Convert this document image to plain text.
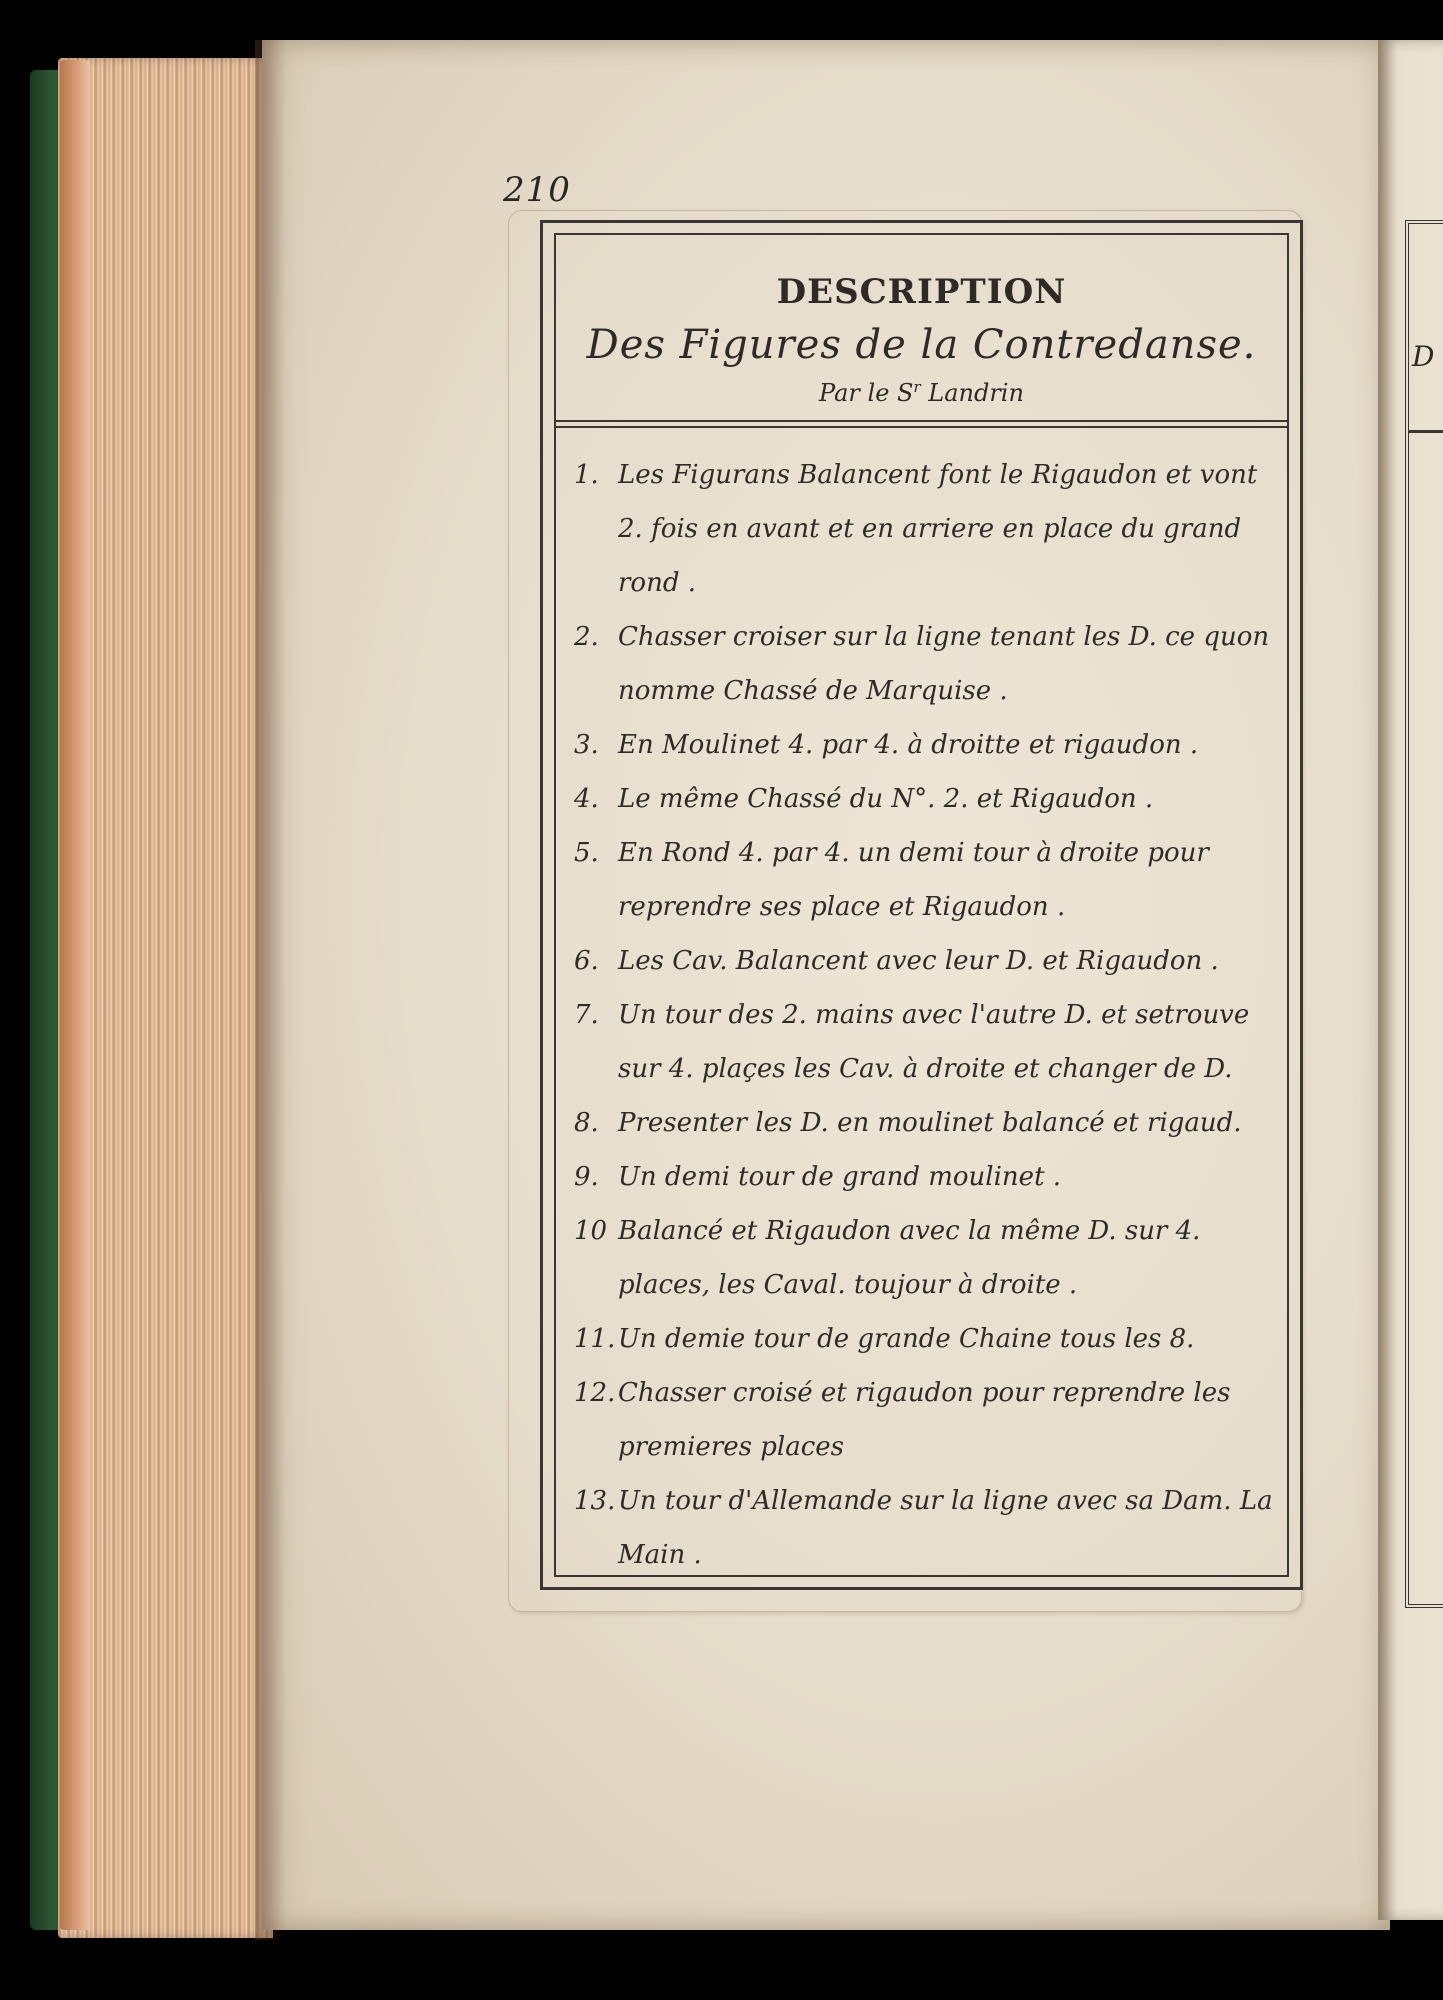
D
210
DESCRIPTION
Des Figures de la Contredanse.
Par le $S^r$ Landrin
1. Les Figurans Balancent font le Rigaudon et vont 2. fois en avant et en arriere en place du grand rond .
2. Chasser croiser sur la ligne tenant les D. ce quon nomme Chassé de Marquise .
3. En Moulinet 4. par 4. à droitte et rigaudon .
4. Le même Chassé du N°. 2. et Rigaudon .
5. En Rond 4. par 4. un demi tour à droite pour reprendre ses place et Rigaudon .
6. Les Cav. Balancent avec leur D. et Rigaudon .
7. Un tour des 2. mains avec l'autre D. et setrouve sur 4. plaçes les Cav. à droite et changer de D.
8. Presenter les D. en moulinet balancé et rigaud.
9. Un demi tour de grand moulinet .
10 Balancé et Rigaudon avec la même D. sur 4. places, les Caval. toujour à droite .
11. Un demie tour de grande Chaine tous les 8.
12. Chasser croisé et rigaudon pour reprendre les premieres places
13. Un tour d'Allemande sur la ligne avec sa Dam. La Main .
